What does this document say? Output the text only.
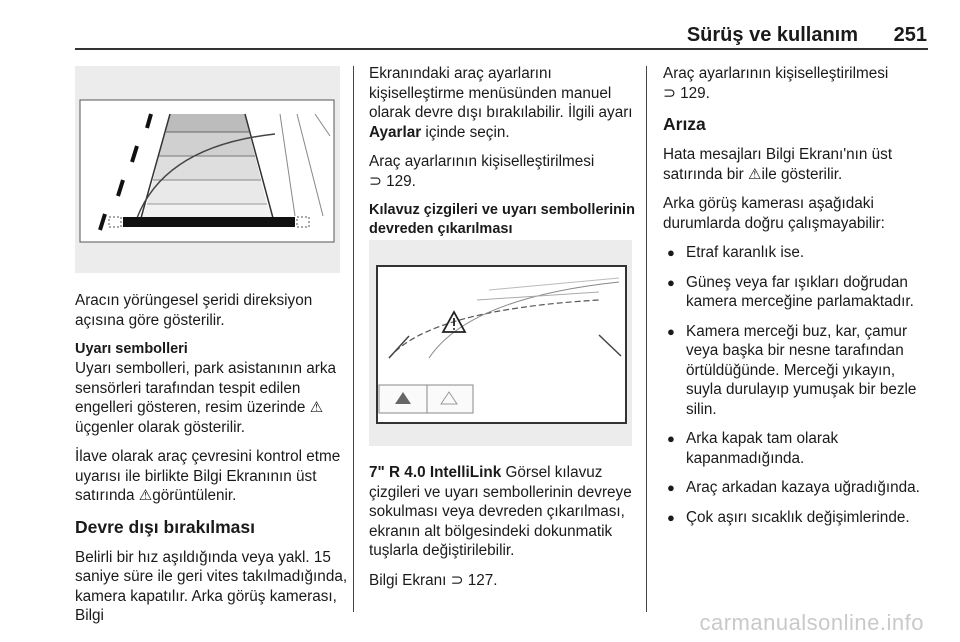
Sürüş ve kullanım 251

Aracın yörüngesel şeridi direksiyon açısına göre gösterilir.

Uyarı sembolleri

Uyarı sembolleri, park asistanının arka sensörleri tarafından tespit edilen engelleri gösteren, resim üzerinde ⚠üçgenler olarak gösterilir.

İlave olarak araç çevresini kontrol etme uyarısı ile birlikte Bilgi Ekranının üst satırında ⚠görüntülenir.

Devre dışı bırakılması

Belirli bir hız aşıldığında veya yakl. 15 saniye süre ile geri vites takılmadığında, kamera kapatılır. Arka görüş kamerası, Bilgi

Ekranındaki araç ayarlarını kişiselleştirme menüsünden manuel olarak devre dışı bırakılabilir. İlgili ayarı Ayarlar içinde seçin.

Araç ayarlarının kişiselleştirilmesi
⊃ 129.

Kılavuz çizgileri ve uyarı sembollerinin devreden çıkarılması

7" R 4.0 IntelliLink Görsel kılavuz çizgileri ve uyarı sembollerinin devreye sokulması veya devreden çıkarılması, ekranın alt bölgesindeki dokunmatik tuşlarla değiştirilebilir.

Bilgi Ekranı ⊃ 127.

Araç ayarlarının kişiselleştirilmesi
⊃ 129.

Arıza

Hata mesajları Bilgi Ekranı'nın üst satırında bir ⚠ile gösterilir.

Arka görüş kamerası aşağıdaki durumlarda doğru çalışmayabilir:

● Etraf karanlık ise.
● Güneş veya far ışıkları doğrudan kamera merceğine parlamaktadır.
● Kamera merceği buz, kar, çamur veya başka bir nesne tarafından örtüldüğünde. Merceği yıkayın, suyla durulayıp yumuşak bir bezle silin.
● Arka kapak tam olarak kapanmadığında.
● Araç arkadan kazaya uğradığında.
● Çok aşırı sıcaklık değişimlerinde.
carmanualsonline.info
